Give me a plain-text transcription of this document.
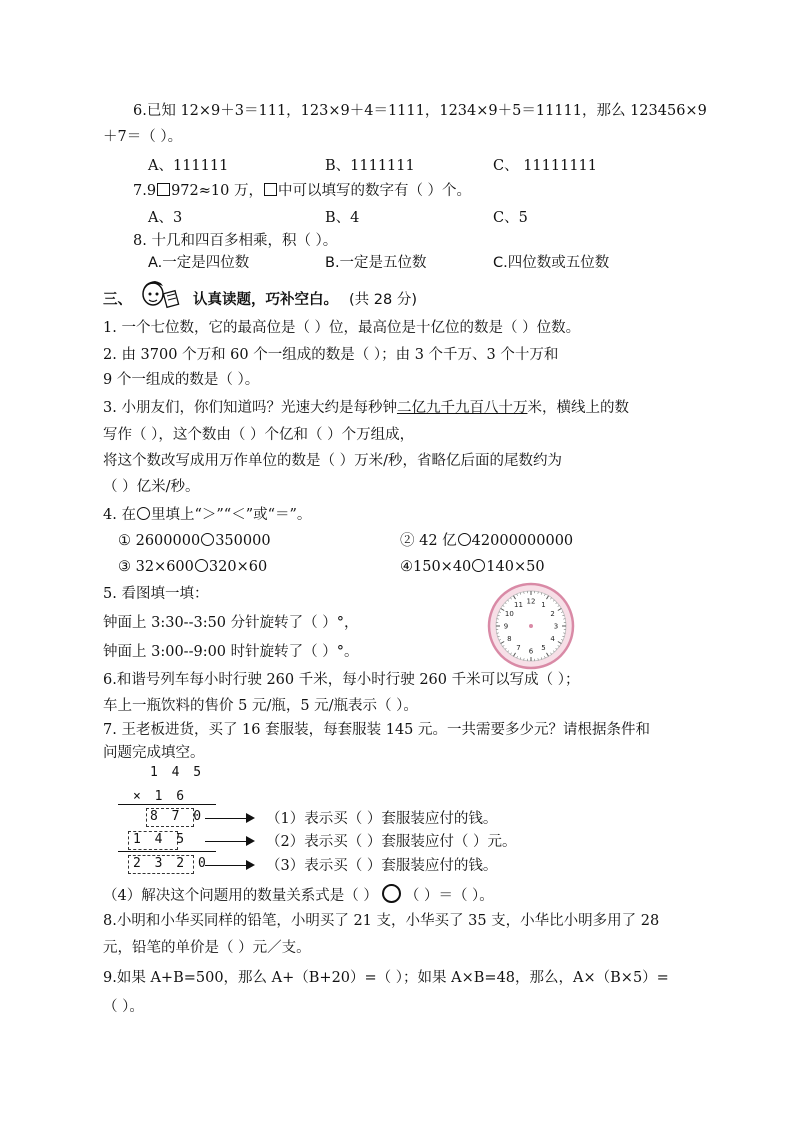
6.已知 12×9＋3＝111，123×9＋4＝1111，1234×9＋5＝11111，那么 123456×9
＋7＝（ ）。
A、111111	B、1111111	C、 11111111
7.9 972≈10 万， 中可以填写的数字有（ ）个。
A、3	B、4	C、5
8. 十几和四百多相乘，积（ ）。
A.一定是四位数	B.一定是五位数	C.四位数或五位数
三、	认真读题，巧补空白。 (共 28 分)
1. 一个七位数，它的最高位是（ ）位，最高位是十亿位的数是（ ）位数。
2. 由 3700 个万和 60 个一组成的数是（ ）；由 3 个千万、3 个十万和
9 个一组成的数是（ ）。
3. 小朋友们，你们知道吗？光速大约是每秒钟二亿九千九百八十万米，横线上的数
写作（ ），这个数由（ ）个亿和（ ）个万组成，
将这个数改写成用万作单位的数是（ ）万米/秒，省略亿后面的尾数约为
（ ）亿米/秒。
4. 在 里填上“＞”“＜”或“＝”。
① 2600000 350000	② 42 亿 42000000000
③ 32×600 320×60	④150×40 140×50
5. 看图填一填：
钟面上 3:30--3:50 分针旋转了（ ）°，
钟面上 3:00--9:00 时针旋转了（ ）°。
12 1
2
3
4
5
6
7
8
9
10
11
6.和谐号列车每小时行驶 260 千米，每小时行驶 260 千米可以写成（ ）；
车上一瓶饮料的售价 5 元/瓶，5 元/瓶表示（ ）。
7. 王老板进货，买了 16 套服装，每套服装 145 元。一共需要多少元？请根据条件和
问题完成填空。
1 4 5
× 1 6
8 7 0	（1）表示买（ ）套服装应付的钱。
1 4 5	（2）表示买（ ）套服装应付（ ）元。
2 3 2 0	（3）表示买（ ）套服装应付的钱。
（4）解决这个问题用的数量关系式是（ ） （ ）＝（ ）。
8.小明和小华买同样的铅笔，小明买了 21 支，小华买了 35 支，小华比小明多用了 28
元，铅笔的单价是（ ）元／支。
9.如果 A+B=500，那么 A+（B+20）=（ ）；如果 A×B=48，那么，A×（B×5）=
（ ）。
